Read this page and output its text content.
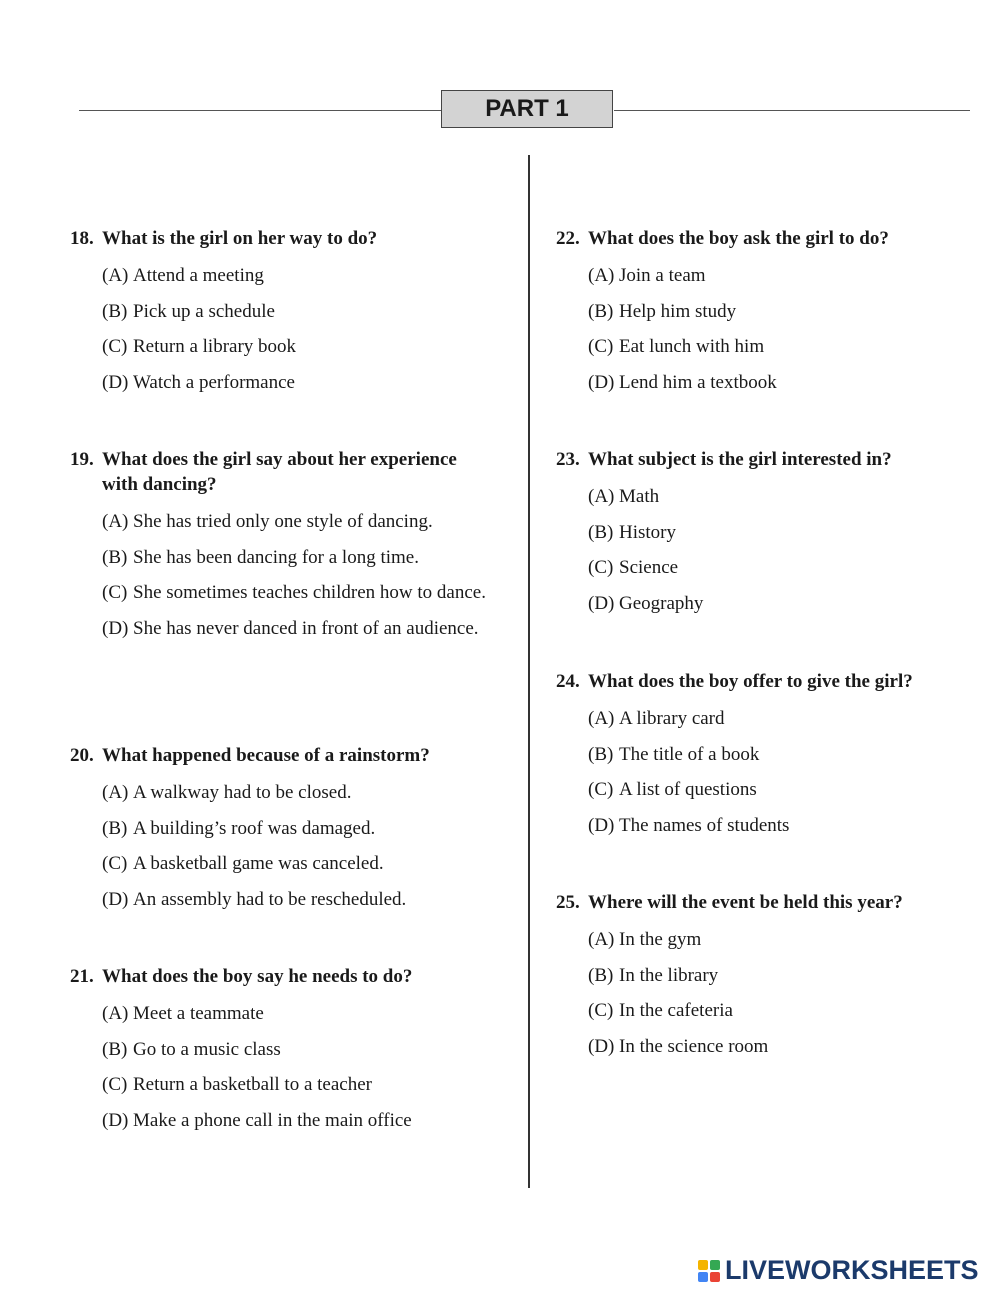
PART 1
18. What is the girl on her way to do?
(A) Attend a meeting
(B) Pick up a schedule
(C) Return a library book
(D) Watch a performance
19. What does the girl say about her experience with dancing?
(A) She has tried only one style of dancing.
(B) She has been dancing for a long time.
(C) She sometimes teaches children how to dance.
(D) She has never danced in front of an audience.
20. What happened because of a rainstorm?
(A) A walkway had to be closed.
(B) A building’s roof was damaged.
(C) A basketball game was canceled.
(D) An assembly had to be rescheduled.
21. What does the boy say he needs to do?
(A) Meet a teammate
(B) Go to a music class
(C) Return a basketball to a teacher
(D) Make a phone call in the main office
22. What does the boy ask the girl to do?
(A) Join a team
(B) Help him study
(C) Eat lunch with him
(D) Lend him a textbook
23. What subject is the girl interested in?
(A) Math
(B) History
(C) Science
(D) Geography
24. What does the boy offer to give the girl?
(A) A library card
(B) The title of a book
(C) A list of questions
(D) The names of students
25. Where will the event be held this year?
(A) In the gym
(B) In the library
(C) In the cafeteria
(D) In the science room
LIVEWORKSHEETS
